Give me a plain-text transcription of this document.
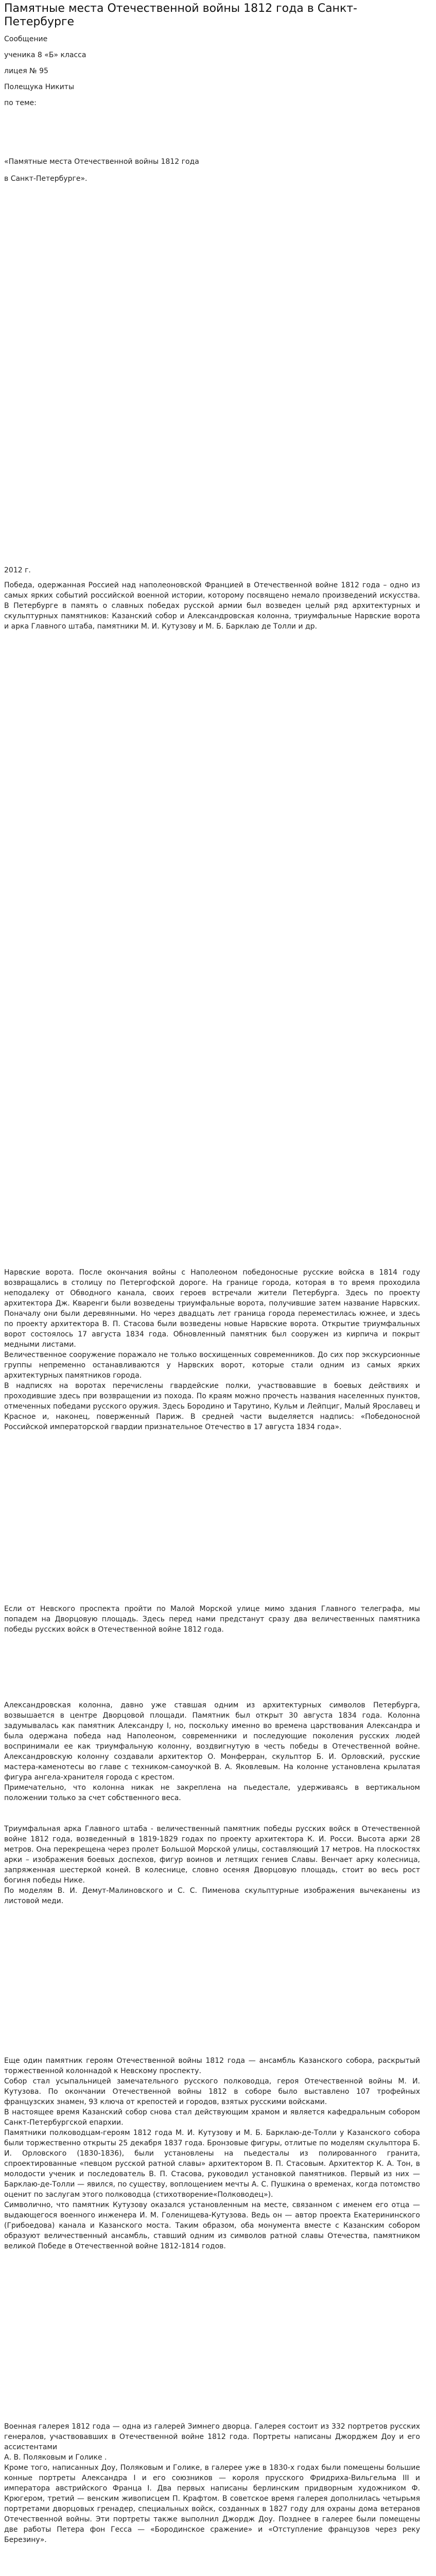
Памятные места Отечественной войны 1812 года в Санкт-Петербурге

Сообщение

ученика 8 «Б» класса

лицея № 95

Полещука Никиты

по теме:

«Памятные места Отечественной войны 1812 года

в Санкт-Петербурге».

2012 г.

Победа, одержанная Россией над наполеоновской Францией в Отечественной войне 1812 года – одно из самых ярких событий российской военной истории, которому посвящено немало произведений искусства. В Петербурге в память о славных победах русской армии был возведен целый ряд архитектурных и скульптурных памятников: Казанский собор и Александровская колонна, триумфальные Нарвские ворота и арка Главного штаба, памятники М. И. Кутузову и М. Б. Барклаю де Толли и др.

Нарвские ворота. После окончания войны с Наполеоном победоносные русские войска в 1814 году возвращались в столицу по Петергофской дороге. На границе города, которая в то время проходила неподалеку от Обводного канала, своих героев встречали жители Петербурга. Здесь по проекту архитектора Дж. Кваренги были возведены триумфальные ворота, получившие затем название Нарвских. Поначалу они были деревянными. Но через двадцать лет граница города переместилась южнее, и здесь по проекту архитектора В. П. Стасова были возведены новые Нарвские ворота. Открытие триумфальных ворот состоялось 17 августа 1834 года. Обновленный памятник был сооружен из кирпича и покрыт медными листами.

Величественное сооружение поражало не только восхищенных современников. До сих пор экскурсионные группы непременно останавливаются у Нарвских ворот, которые стали одним из самых ярких архитектурных памятников города.

В надписях на воротах перечислены гвардейские полки, участвовавшие в боевых действиях и проходившие здесь при возвращении из похода. По краям можно прочесть названия населенных пунктов, отмеченных победами русского оружия. Здесь Бородино и Тарутино, Кульм и Лейпциг, Малый Ярославец и Красное и, наконец, поверженный Париж. В средней части выделяется надпись: «Победоносной Российской императорской гвардии признательное Отечество в 17 августа 1834 года».

Если от Невского проспекта пройти по Малой Морской улице мимо здания Главного телеграфа, мы попадем на Дворцовую площадь. Здесь перед нами предстанут сразу два величественных памятника победы русских войск в Отечественной войне 1812 года.

Александровская колонна, давно уже ставшая одним из архитектурных символов Петербурга, возвышается в центре Дворцовой площади. Памятник был открыт 30 августа 1834 года. Колонна задумывалась как памятник Александру I, но, поскольку именно во времена царствования Александра и была одержана победа над Наполеоном, современники и последующие поколения русских людей воспринимали ее как триумфальную колонну, воздвигнутую в честь победы в Отечественной войне. Александровскую колонну создавали архитектор О. Монферран, скульптор Б. И. Орловский, русские мастера-каменотесы во главе с техником-самоучкой В. А. Яковлевым. На колонне установлена крылатая фигура ангела-хранителя города с крестом.

Примечательно, что колонна никак не закреплена на пьедестале, удерживаясь в вертикальном положении только за счет собственного веса.

Триумфальная арка Главного штаба - величественный памятник победы русских войск в Отечественной войне 1812 года, возведенный в 1819-1829 годах по проекту архитектора К. И. Росси. Высота арки 28 метров. Она перекрещена через пролет Большой Морской улицы, составляющий 17 метров. На плоскостях арки – изображения боевых доспехов, фигур воинов и летящих гениев Славы. Венчает арку колесница, запряженная шестеркой коней. В колеснице, словно осеняя Дворцовую площадь, стоит во весь рост богиня победы Нике.

По моделям В. И. Демут-Малиновского и С. С. Пименова скульптурные изображения вычеканены из листовой меди.

Еще один памятник героям Отечественной войны 1812 года — ансамбль Казанского собора, раскрытый торжественной колоннадой к Невскому проспекту.

Собор стал усыпальницей замечательного русского полководца, героя Отечественной войны М. И. Кутузова. По окончании Отечественной войны 1812 в соборе было выставлено 107 трофейных французских знамен, 93 ключа от крепостей и городов, взятых русскими войсками.

В настоящее время Казанский собор снова стал действующим храмом и является кафедральным собором Санкт-Петербургской епархии.

Памятники полководцам-героям 1812 года М. И. Кутузову и М. Б. Барклаю-де-Толли у Казанского собора были торжественно открыты 25 декабря 1837 года. Бронзовые фигуры, отлитые по моделям скульптора Б. И. Орловского (1830-1836), были установлены на пьедесталы из полированного гранита, спроектированные «певцом русской ратной славы» архитектором В. П. Стасовым. Архитектор К. А. Тон, в молодости ученик и последователь В. П. Стасова, руководил установкой памятников. Первый из них — Барклаю-де-Толли — явился, по существу, воплощением мечты А. С. Пушкина о временах, когда потомство оценит по заслугам этого полководца (стихотворение«Полководец»).

Символично, что памятник Кутузову оказался установленным на месте, связанном с именем его отца — выдающегося военного инженера И. М. Голенищева-Кутузова. Ведь он — автор проекта Екатерининского (Грибоедова) канала и Казанского моста. Таким образом, оба монумента вместе с Казанским собором образуют величественный ансамбль, ставший одним из символов ратной славы Отечества, памятником великой Победе в Отечественной войне 1812-1814 годов.

Военная галерея 1812 года — одна из галерей Зимнего дворца. Галерея состоит из 332 портретов русских генералов, участвовавших в Отечественной войне 1812 года. Портреты написаны Джорджем Доу и его ассистентами

А. В. Поляковым и Голике .

Кроме того, написанных Доу, Поляковым и Голике, в галерее уже в 1830-х годах были помещены большие конные портреты Александра I и его союзников — короля прусского Фридриха-Вильгельма III и императора австрийского Франца I. Два первых написаны берлинским придворным художником Ф. Крюгером, третий — венским живописцем П. Крафтом. В советское время галерея дополнилась четырьмя портретами дворцовых гренадер, специальных войск, созданных в 1827 году для охраны дома ветеранов Отечественной войны. Эти портреты также выполнил Джордж Доу. Позднее в галерее были помещены две работы Петера фон Гесса — «Бородинское сражение» и «Отступление французов через реку Березину».
